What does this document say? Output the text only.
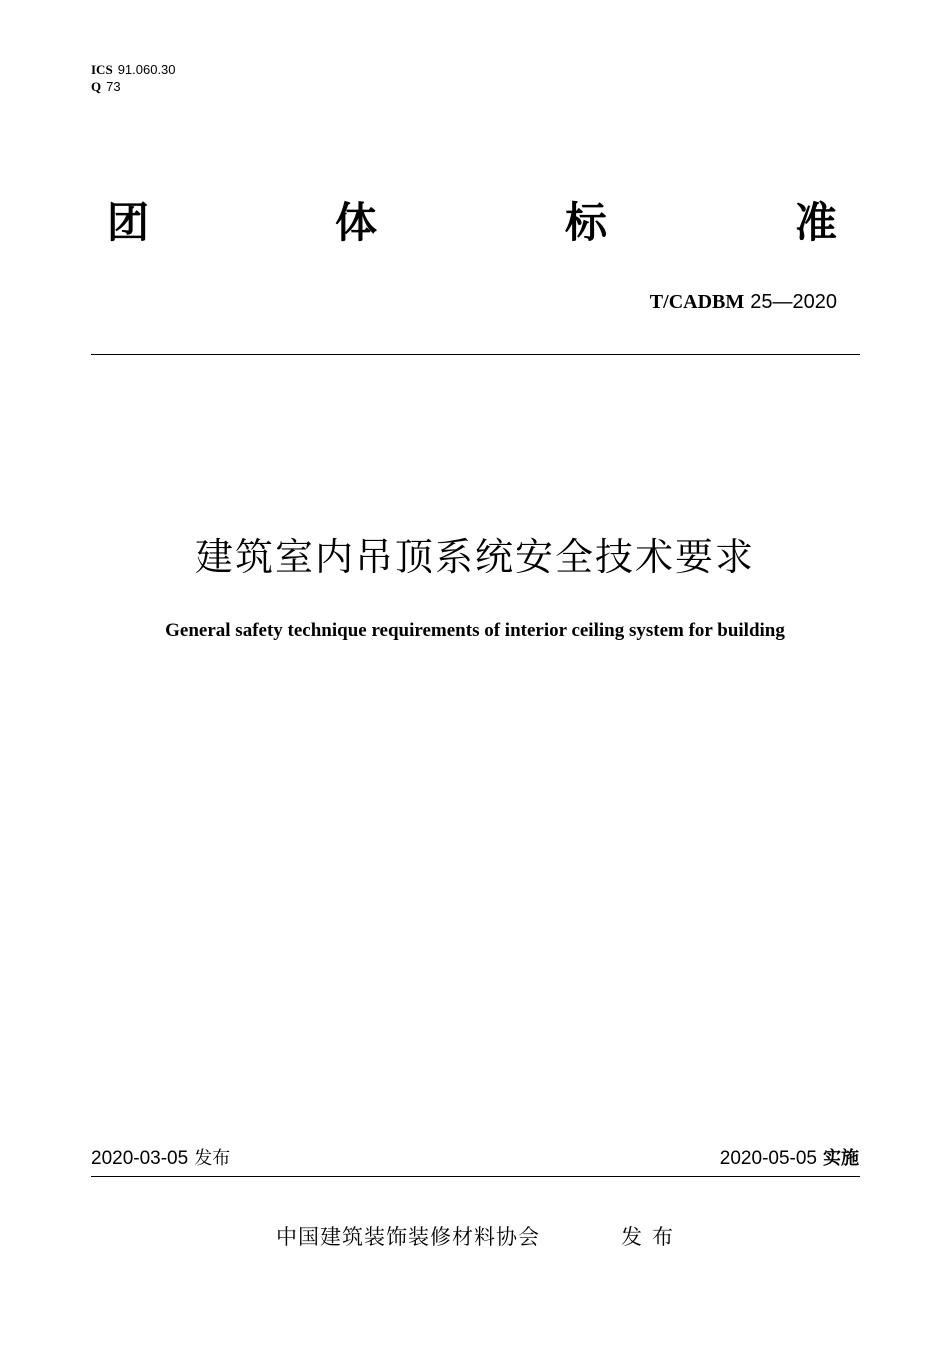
ICS 91.060.30
Q 73
团	体	标	准
T/CADBM 25—2020
建筑室内吊顶系统安全技术要求
General safety technique requirements of interior ceiling system for building
2020-03-05 发布	2020-05-05 实施
中国建筑装饰装修材料协会	发布
